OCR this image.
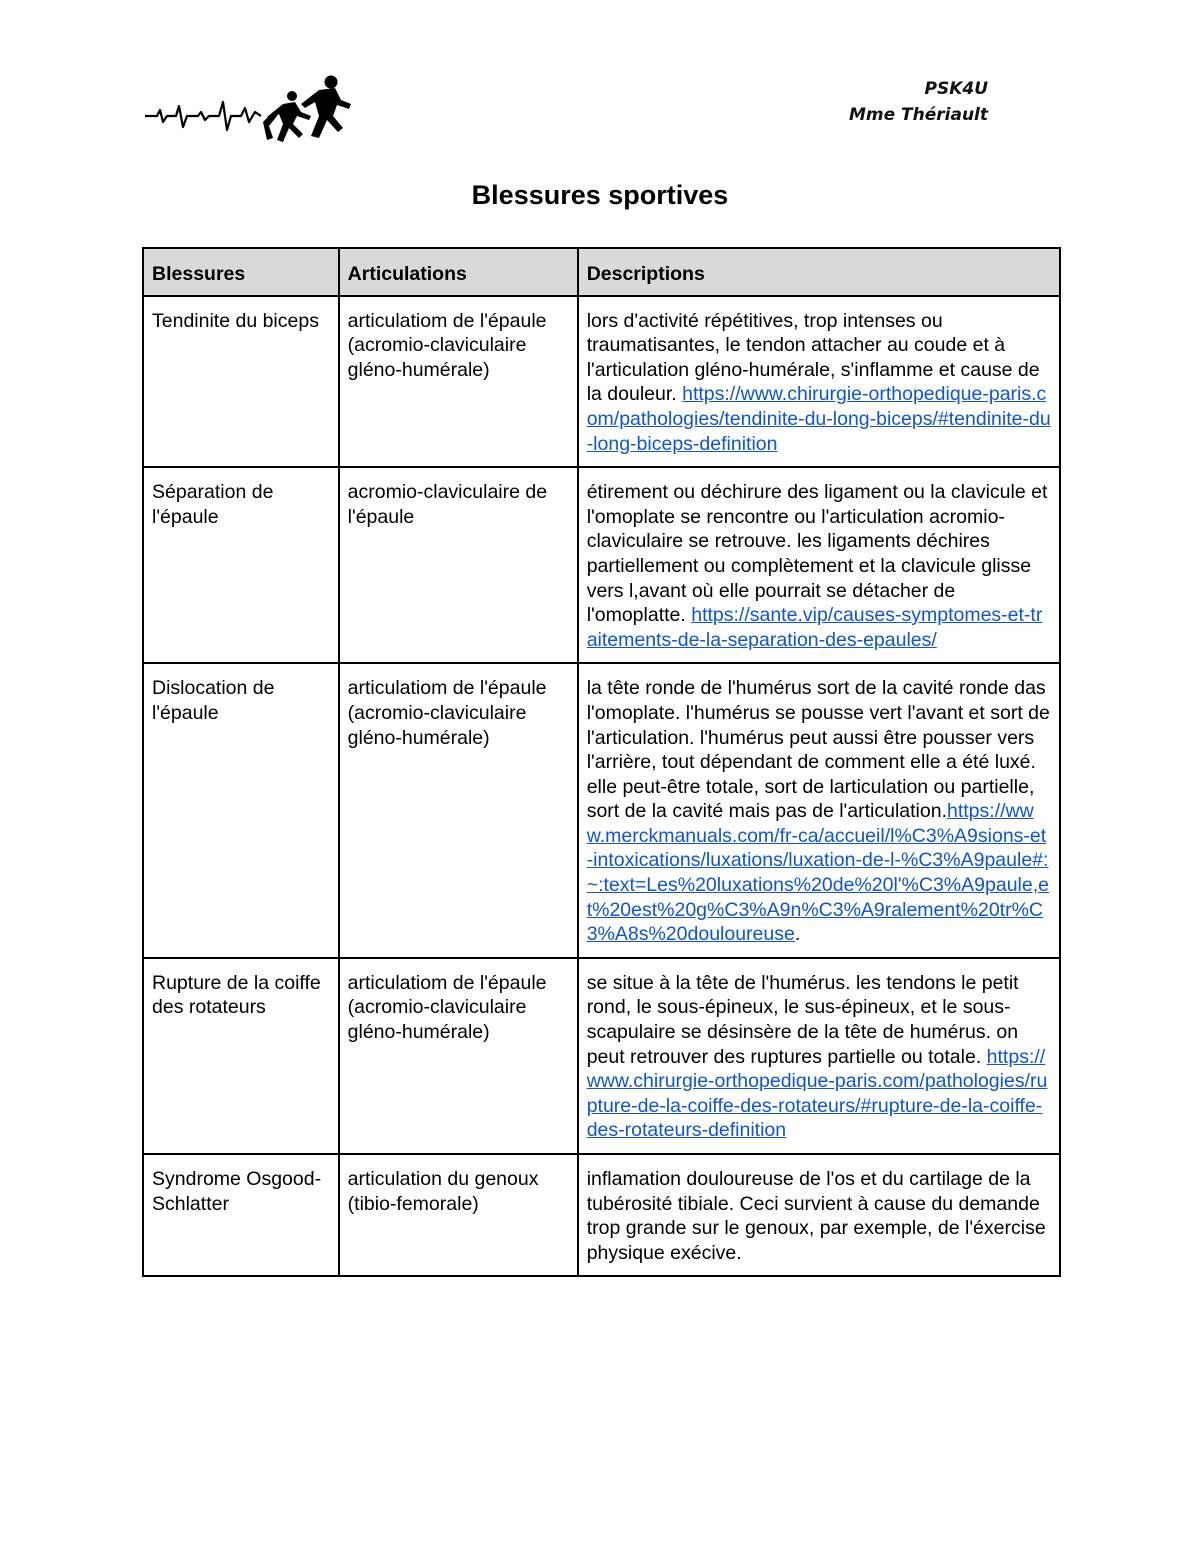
PSK4U
Mme Thériault
Blessures sportives
Blessures	Articulations	Descriptions
Tendinite du biceps	articulatiom de l'épaule (acromio-claviculaire gléno-humérale)	lors d'activité répétitives, trop intenses ou traumatisantes, le tendon attacher au coude et à l'articulation gléno-humérale, s'inflamme et cause de la douleur. https://www.chirurgie-orthopedique-paris.com/pathologies/tendinite-du-long-biceps/#tendinite-du-long-biceps-definition
Séparation de l'épaule	acromio-claviculaire de l'épaule	étirement ou déchirure des ligament ou la clavicule et l'omoplate se rencontre ou l'articulation acromio-claviculaire se retrouve. les ligaments déchires partiellement ou complètement et la clavicule glisse vers l,avant où elle pourrait se détacher de l'omoplatte. https://sante.vip/causes-symptomes-et-traitements-de-la-separation-des-epaules/
Dislocation de l'épaule	articulatiom de l'épaule (acromio-claviculaire gléno-humérale)	la tête ronde de l'humérus sort de la cavité ronde das l'omoplate. l'humérus se pousse vert l'avant et sort de l'articulation. l'humérus peut aussi être pousser vers l'arrière, tout dépendant de comment elle a été luxé. elle peut-être totale, sort de larticulation ou partielle, sort de la cavité mais pas de l'articulation.https://www.merckmanuals.com/fr-ca/accueil/l%C3%A9sions-et-intoxications/luxations/luxation-de-l-%C3%A9paule#:~:text=Les%20luxations%20de%20l'%C3%A9paule,et%20est%20g%C3%A9n%C3%A9ralement%20tr%C3%A8s%20douloureuse.
Rupture de la coiffe des rotateurs	articulatiom de l'épaule (acromio-claviculaire gléno-humérale)	se situe à la tête de l'humérus. les tendons le petit rond, le sous-épineux, le sus-épineux, et le sous-scapulaire se désinsère de la tête de humérus. on peut retrouver des ruptures partielle ou totale. https://www.chirurgie-orthopedique-paris.com/pathologies/rupture-de-la-coiffe-des-rotateurs/#rupture-de-la-coiffe-des-rotateurs-definition
Syndrome Osgood-Schlatter	articulation du genoux (tibio-femorale)	inflamation douloureuse de l'os et du cartilage de la tubérosité tibiale. Ceci survient à cause du demande trop grande sur le genoux, par exemple, de l'éxercise physique exécive.
